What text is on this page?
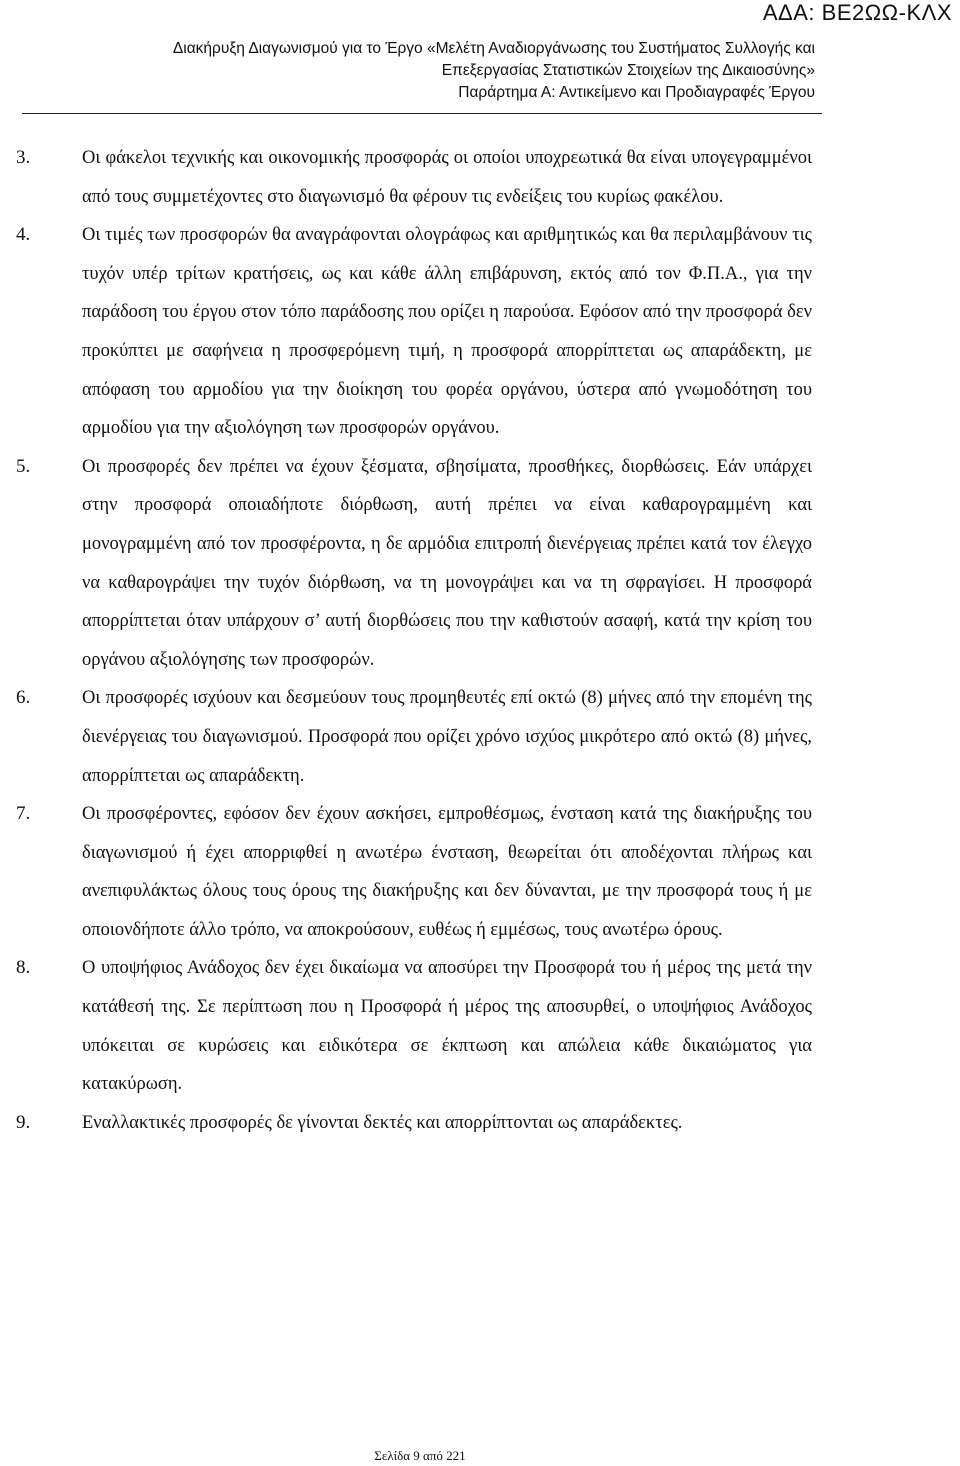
ΑΔΑ: ΒΕ2ΩΩ-ΚΛΧ
Διακήρυξη Διαγωνισμού για το Έργο «Μελέτη Αναδιοργάνωσης του Συστήματος Συλλογής και
Επεξεργασίας Στατιστικών Στοιχείων της Δικαιοσύνης»
Παράρτημα Α: Αντικείμενο και Προδιαγραφές Έργου
3.	Οι φάκελοι τεχνικής και οικονομικής προσφοράς οι οποίοι υποχρεωτικά θα είναι υπογεγραμμένοι από τους συμμετέχοντες στο διαγωνισμό θα φέρουν τις ενδείξεις του κυρίως φακέλου.
4.	Οι τιμές των προσφορών θα αναγράφονται ολογράφως και αριθμητικώς και θα περιλαμβάνουν τις τυχόν υπέρ τρίτων κρατήσεις, ως και κάθε άλλη επιβάρυνση, εκτός από τον Φ.Π.Α., για την παράδοση του έργου στον τόπο παράδοσης που ορίζει η παρούσα. Εφόσον από την προσφορά δεν προκύπτει με σαφήνεια η προσφερόμενη τιμή, η προσφορά απορρίπτεται ως απαράδεκτη, με απόφαση του αρμοδίου για την διοίκηση του φορέα οργάνου, ύστερα από γνωμοδότηση του αρμοδίου για την αξιολόγηση των προσφορών οργάνου.
5.	Οι προσφορές δεν πρέπει να έχουν ξέσματα, σβησίματα, προσθήκες, διορθώσεις. Εάν υπάρχει στην προσφορά οποιαδήποτε διόρθωση, αυτή πρέπει να είναι καθαρογραμμένη και μονογραμμένη από τον προσφέροντα, η δε αρμόδια επιτροπή διενέργειας πρέπει κατά τον έλεγχο να καθαρογράψει την τυχόν διόρθωση, να τη μονογράψει και να τη σφραγίσει. Η προσφορά απορρίπτεται όταν υπάρχουν σ’ αυτή διορθώσεις που την καθιστούν ασαφή, κατά την κρίση του οργάνου αξιολόγησης των προσφορών.
6.	Οι προσφορές ισχύουν και δεσμεύουν τους προμηθευτές επί οκτώ (8) μήνες από την επομένη της διενέργειας του διαγωνισμού. Προσφορά που ορίζει χρόνο ισχύος μικρότερο από οκτώ (8) μήνες, απορρίπτεται ως απαράδεκτη.
7.	Οι προσφέροντες, εφόσον δεν έχουν ασκήσει, εμπροθέσμως, ένσταση κατά της διακήρυξης του διαγωνισμού ή έχει απορριφθεί η ανωτέρω ένσταση, θεωρείται ότι αποδέχονται πλήρως και ανεπιφυλάκτως όλους τους όρους της διακήρυξης και δεν δύνανται, με την προσφορά τους ή με οποιονδήποτε άλλο τρόπο, να αποκρούσουν, ευθέως ή εμμέσως, τους ανωτέρω όρους.
8.	Ο υποψήφιος Ανάδοχος δεν έχει δικαίωμα να αποσύρει την Προσφορά του ή μέρος της μετά την κατάθεσή της. Σε περίπτωση που η Προσφορά ή μέρος της αποσυρθεί, ο υποψήφιος Ανάδοχος υπόκειται σε κυρώσεις και ειδικότερα σε έκπτωση και απώλεια κάθε δικαιώματος για κατακύρωση.
9.	Εναλλακτικές προσφορές δε γίνονται δεκτές και απορρίπτονται ως απαράδεκτες.
Σελίδα 9 από 221
